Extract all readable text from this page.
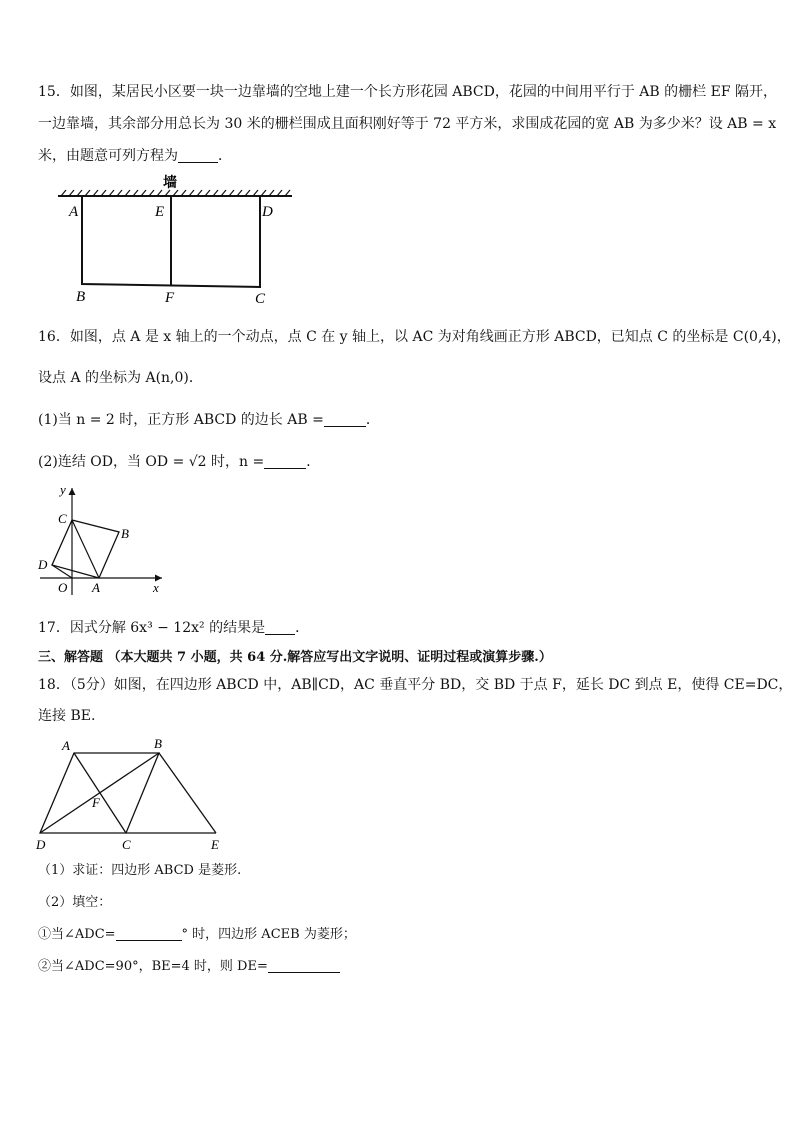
15．如图，某居民小区要一块一边靠墙的空地上建一个长方形花园 ABCD，花园的中间用平行于 AB 的栅栏 EF 隔开，
一边靠墙，其余部分用总长为 30 米的栅栏围成且面积刚好等于 72 平方米，求围成花园的宽 AB 为多少米？设 AB = x
米，由题意可列方程为	．
墙
A	E	D
B	F	C
16．如图，点 A 是 x 轴上的一个动点，点 C 在 y 轴上，以 AC 为对角线画正方形 ABCD，已知点 C 的坐标是 C(0,4)，
设点 A 的坐标为 A(n,0)．
(1)当 n = 2 时，正方形 ABCD 的边长 AB =	．
(2)连结 OD，当 OD = √2 时，n =	．
y
x
C
B
D
O A
17．因式分解 6x³ − 12x² 的结果是 ．
三、解答题 （本大题共 7 小题，共 64 分.解答应写出文字说明、证明过程或演算步骤.）
18．（5分）如图，在四边形 ABCD 中，AB∥CD，AC 垂直平分 BD，交 BD 于点 F，延长 DC 到点 E，使得 CE=DC，
连接 BE.
A	B
F
D	C	E
（1）求证：四边形 ABCD 是菱形.
（2）填空：
①当∠ADC=	° 时，四边形 ACEB 为菱形；
②当∠ADC=90°，BE=4 时，则 DE=
